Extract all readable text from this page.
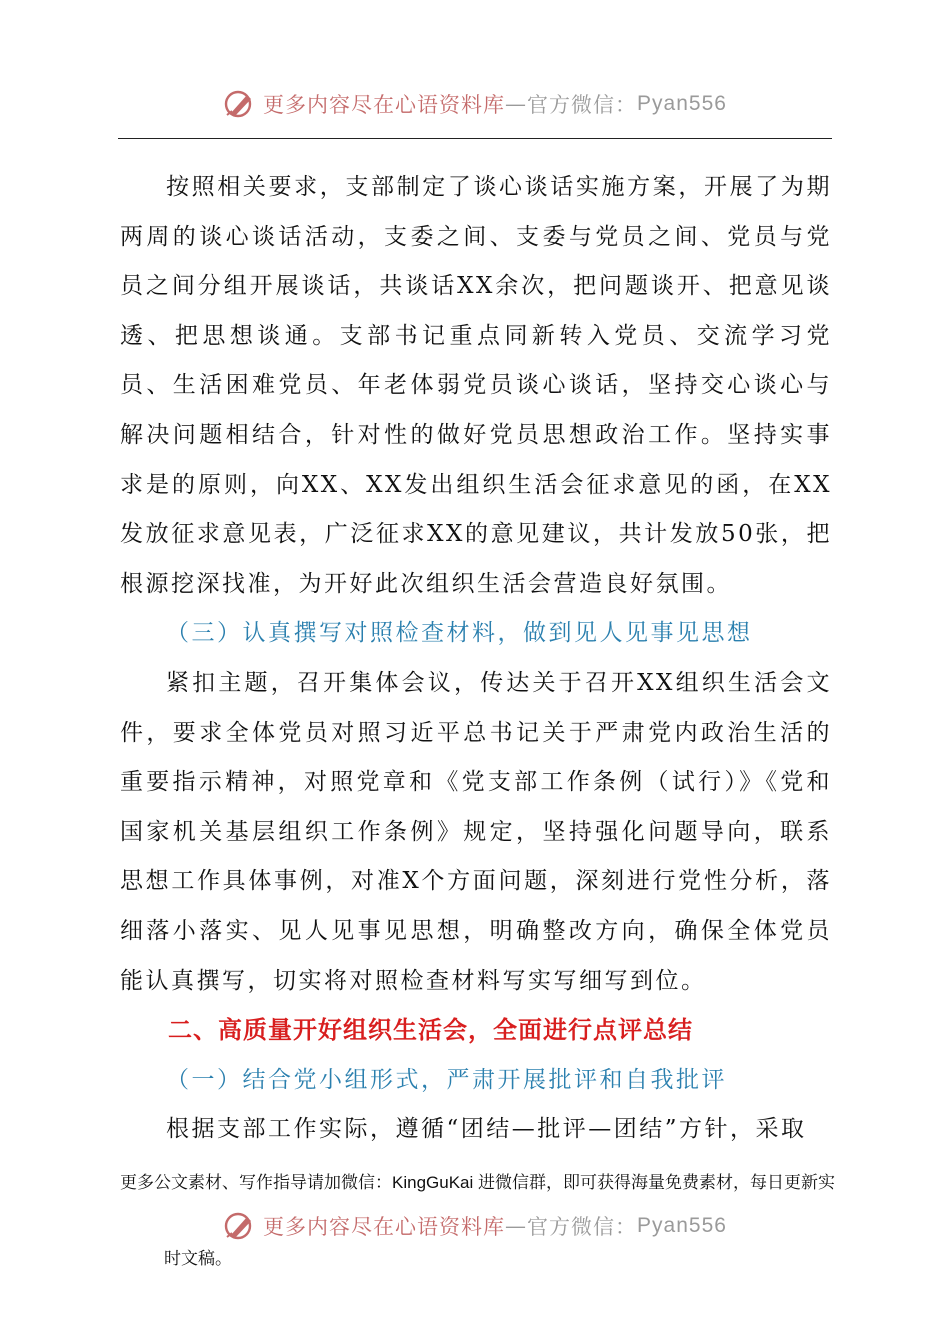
更多内容尽在心语资料库 — 官方微信： Pyan556

按照相关要求，支部制定了谈心谈话实施方案，开展了为期两周的谈心谈话活动，支委之间、支委与党员之间、党员与党员之间分组开展谈话，共谈话XX余次，把问题谈开、把意见谈透、把思想谈通。支部书记重点同新转入党员、交流学习党员、生活困难党员、年老体弱党员谈心谈话，坚持交心谈心与解决问题相结合，针对性的做好党员思想政治工作。坚持实事求是的原则，向XX、XX发出组织生活会征求意见的函，在XX发放征求意见表，广泛征求XX的意见建议，共计发放50张，把根源挖深找准，为开好此次组织生活会营造良好氛围。

（三）认真撰写对照检查材料，做到见人见事见思想

紧扣主题，召开集体会议，传达关于召开XX组织生活会文件，要求全体党员对照习近平总书记关于严肃党内政治生活的重要指示精神，对照党章和《党支部工作条例（试行）》《党和国家机关基层组织工作条例》规定，坚持强化问题导向，联系思想工作具体事例，对准X个方面问题，深刻进行党性分析，落细落小落实、见人见事见思想，明确整改方向，确保全体党员能认真撰写，切实将对照检查材料写实写细写到位。

二、高质量开好组织生活会，全面进行点评总结

（一）结合党小组形式，严肃开展批评和自我批评

根据支部工作实际，遵循“团结—批评—团结”方针，采取

更多公文素材、写作指导请加微信：KingGuKai 进微信群，即可获得海量免费素材，每日更新实
更多内容尽在心语资料库 — 官方微信： Pyan556
时文稿。
